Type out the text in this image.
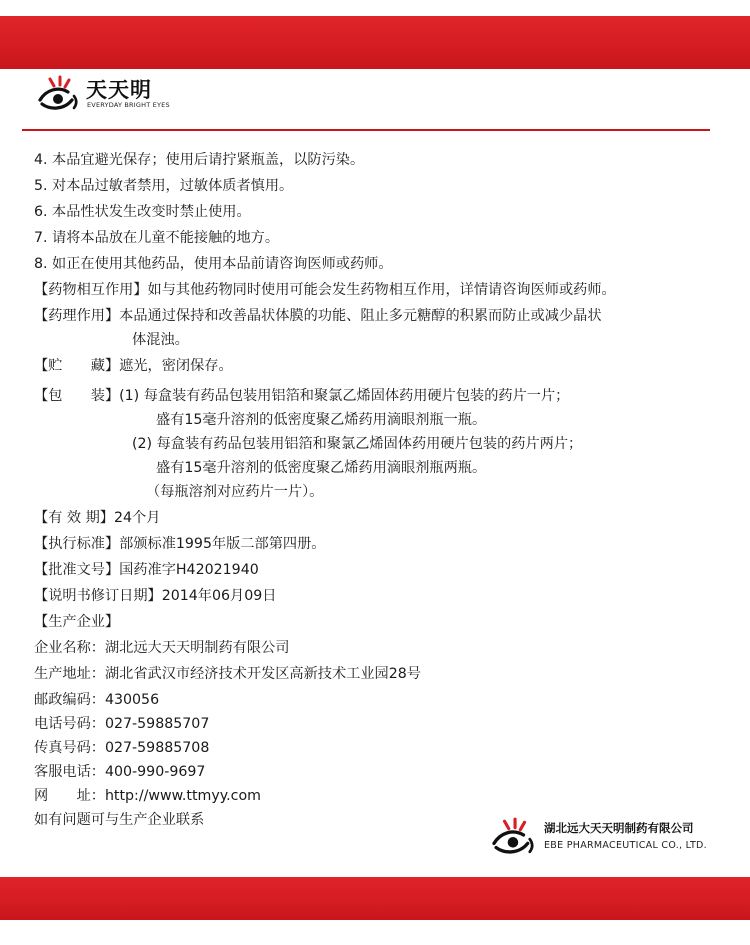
天天明
EVERYDAY BRIGHT EYES
4. 本品宜避光保存；使用后请拧紧瓶盖，以防污染。
5. 对本品过敏者禁用，过敏体质者慎用。
6. 本品性状发生改变时禁止使用。
7. 请将本品放在儿童不能接触的地方。
8. 如正在使用其他药品，使用本品前请咨询医师或药师。
【药物相互作用】如与其他药物同时使用可能会发生药物相互作用，详情请咨询医师或药师。
【药理作用】本品通过保持和改善晶状体膜的功能、阻止多元糖醇的积累而防止或减少晶状
体混浊。
【贮　　藏】遮光，密闭保存。
【包　　装】(1) 每盒装有药品包装用铝箔和聚氯乙烯固体药用硬片包装的药片一片；
盛有15毫升溶剂的低密度聚乙烯药用滴眼剂瓶一瓶。
(2) 每盒装有药品包装用铝箔和聚氯乙烯固体药用硬片包装的药片两片；
盛有15毫升溶剂的低密度聚乙烯药用滴眼剂瓶两瓶。
（每瓶溶剂对应药片一片）。
【有 效 期】24个月
【执行标准】部颁标准1995年版二部第四册。
【批准文号】国药准字H42021940
【说明书修订日期】2014年06月09日
【生产企业】
企业名称：湖北远大天天明制药有限公司
生产地址：湖北省武汉市经济技术开发区高新技术工业园28号
邮政编码：430056
电话号码：027-59885707
传真号码：027-59885708
客服电话：400-990-9697
网　　址：http://www.ttmyy.com
如有问题可与生产企业联系	湖北远大天天明制药有限公司
EBE PHARMACEUTICAL CO., LTD.
